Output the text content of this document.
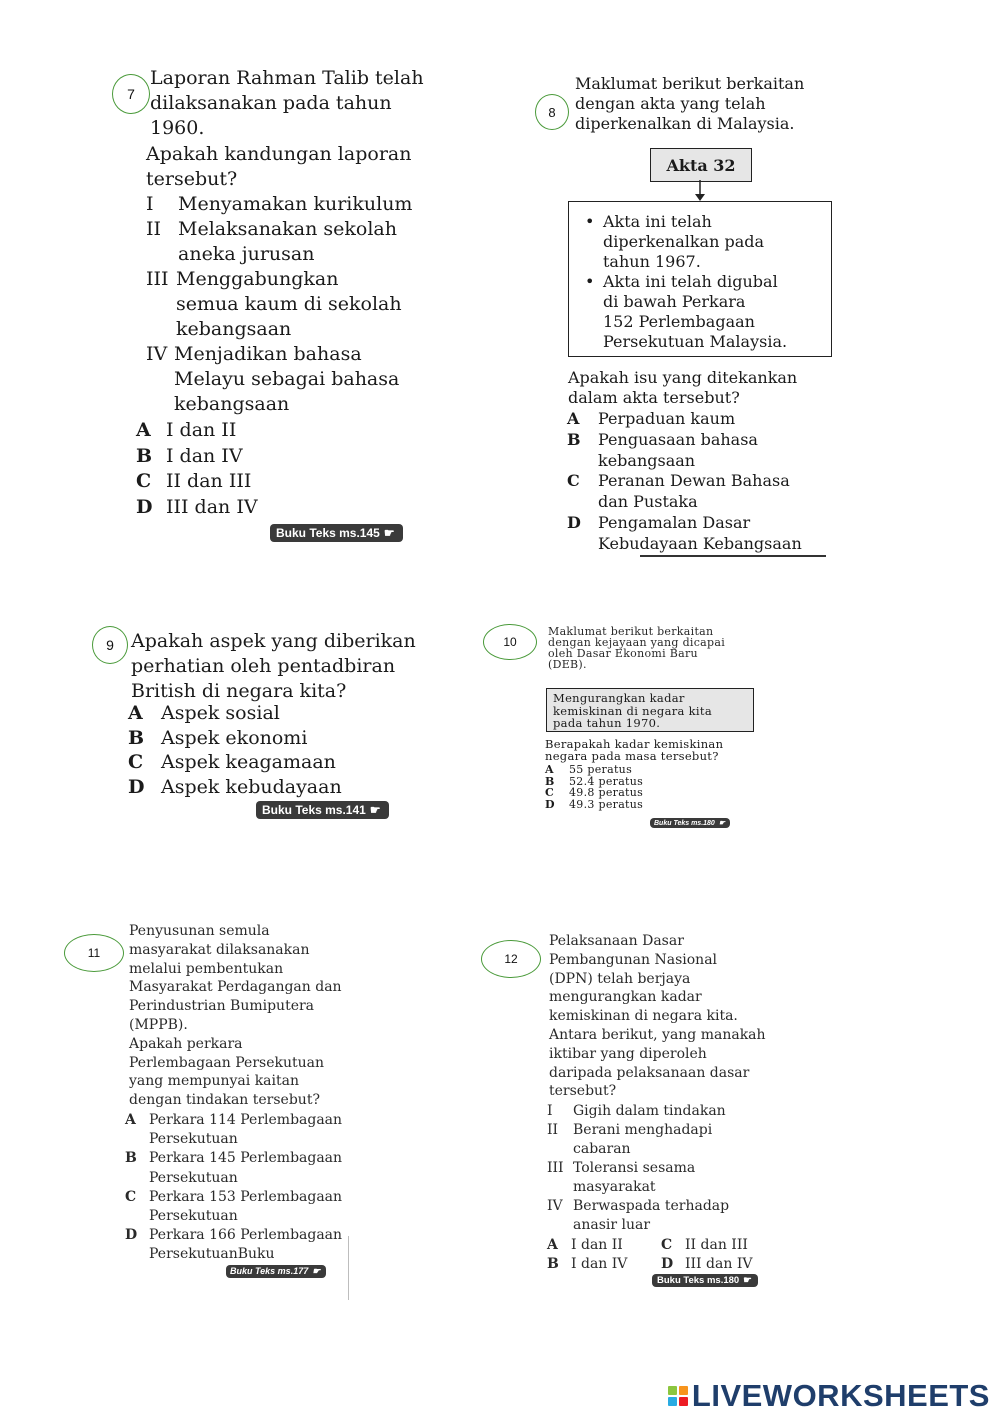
7
Laporan Rahman Talib telah
dilaksanakan pada tahun
1960.
Apakah kandungan laporan
tersebut?
I Menyamakan kurikulum
II Melaksanakan sekolah
aneka jurusan
III Menggabungkan
semua kaum di sekolah
kebangsaan
IV Menjadikan bahasa
Melayu sebagai bahasa
kebangsaan
A I dan II
B I dan IV
C II dan III
D III dan IV
Buku Teks ms.145 ☛
8
Maklumat berikut berkaitan
dengan akta yang telah
diperkenalkan di Malaysia.
Akta 32
• Akta ini telah
diperkenalkan pada
tahun 1967.
• Akta ini telah digubal
di bawah Perkara
152 Perlembagaan
Persekutuan Malaysia.
Apakah isu yang ditekankan
dalam akta tersebut?
A Perpaduan kaum
B Penguasaan bahasa
kebangsaan
C Peranan Dewan Bahasa
dan Pustaka
D Pengamalan Dasar
Kebudayaan Kebangsaan
9 Apakah aspek yang diberikan
perhatian oleh pentadbiran
British di negara kita?
A Aspek sosial
B Aspek ekonomi
C Aspek keagamaan
D Aspek kebudayaan
Buku Teks ms.141 ☛
10
Maklumat berikut berkaitan
dengan kejayaan yang dicapai
oleh Dasar Ekonomi Baru
(DEB).
Mengurangkan kadar
kemiskinan di negara kita
pada tahun 1970.
Berapakah kadar kemiskinan
negara pada masa tersebut?
A 55 peratus
B 52.4 peratus
C 49.8 peratus
D 49.3 peratus
Buku Teks ms.180 ☛
11
Penyusunan semula
masyarakat dilaksanakan
melalui pembentukan
Masyarakat Perdagangan dan
Perindustrian Bumiputera
(MPPB).
Apakah perkara
Perlembagaan Persekutuan
yang mempunyai kaitan
dengan tindakan tersebut?
A Perkara 114 Perlembagaan
Persekutuan
B Perkara 145 Perlembagaan
Persekutuan
C Perkara 153 Perlembagaan
Persekutuan
D Perkara 166 Perlembagaan
PersekutuanBuku
Buku Teks ms.177 ☛
12
Pelaksanaan Dasar
Pembangunan Nasional
(DPN) telah berjaya
mengurangkan kadar
kemiskinan di negara kita.
Antara berikut, yang manakah
iktibar yang diperoleh
daripada pelaksanaan dasar
tersebut?
I Gigih dalam tindakan
II Berani menghadapi
cabaran
III Toleransi sesama
masyarakat
IV Berwaspada terhadap
anasir luar
A I dan II	C II dan III
B I dan IV D III dan IV
Buku Teks ms.180 ☛
LIVEWORKSHEETS
